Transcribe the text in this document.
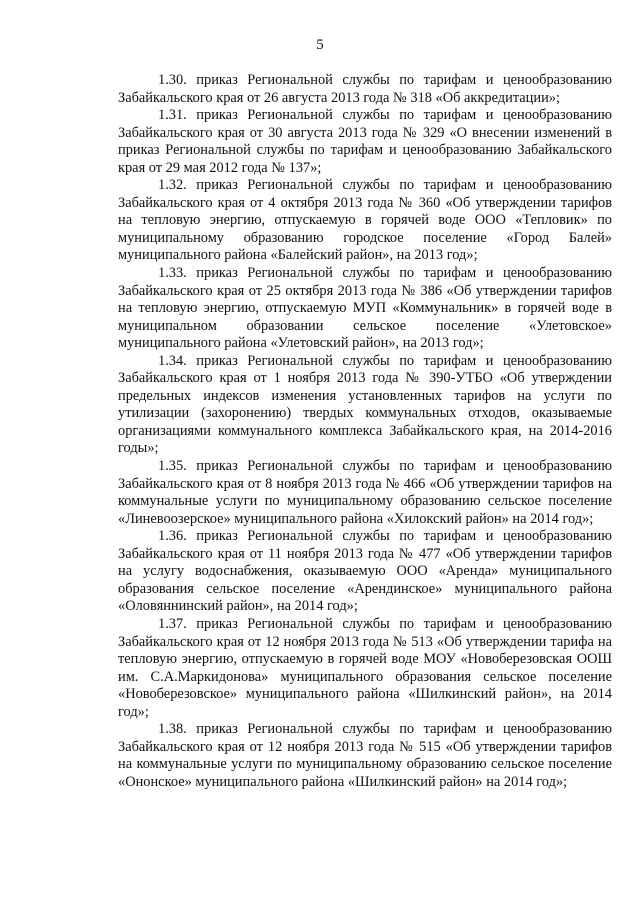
5

1.30. приказ Региональной службы по тарифам и ценообразованию Забайкальского края от 26 августа 2013 года № 318 «Об аккредитации»;

1.31. приказ Региональной службы по тарифам и ценообразованию Забайкальского края от 30 августа 2013 года № 329 «О внесении изменений в приказ Региональной службы по тарифам и ценообразованию Забайкальского края от 29 мая 2012 года № 137»;

1.32. приказ Региональной службы по тарифам и ценообразованию Забайкальского края от 4 октября 2013 года № 360 «Об утверждении тарифов на тепловую энергию, отпускаемую в горячей воде ООО «Тепловик» по муниципальному образованию городское поселение «Город Балей» муниципального района «Балейский район», на 2013 год»;

1.33. приказ Региональной службы по тарифам и ценообразованию Забайкальского края от 25 октября 2013 года № 386 «Об утверждении тарифов на тепловую энергию, отпускаемую МУП «Коммунальник» в горячей воде в муниципальном образовании сельское поселение «Улетовское» муниципального района «Улетовский район», на 2013 год»;

1.34. приказ Региональной службы по тарифам и ценообразованию Забайкальского края от 1 ноября 2013 года № 390-УТБО «Об утверждении предельных индексов изменения установленных тарифов на услуги по утилизации (захоронению) твердых коммунальных отходов, оказываемые организациями коммунального комплекса Забайкальского края, на 2014-2016 годы»;

1.35. приказ Региональной службы по тарифам и ценообразованию Забайкальского края от 8 ноября 2013 года № 466 «Об утверждении тарифов на коммунальные услуги по муниципальному образованию сельское поселение «Линевоозерское» муниципального района «Хилокский район» на 2014 год»;

1.36. приказ Региональной службы по тарифам и ценообразованию Забайкальского края от 11 ноября 2013 года № 477 «Об утверждении тарифов на услугу водоснабжения, оказываемую ООО «Аренда» муниципального образования сельское поселение «Арендинское» муниципального района «Оловяннинский район», на 2014 год»;

1.37. приказ Региональной службы по тарифам и ценообразованию Забайкальского края от 12 ноября 2013 года № 513 «Об утверждении тарифа на тепловую энергию, отпускаемую в горячей воде МОУ «Новоберезовская ООШ им. С.А.Маркидонова» муниципального образования сельское поселение «Новоберезовское» муниципального района «Шилкинский район», на 2014 год»;

1.38. приказ Региональной службы по тарифам и ценообразованию Забайкальского края от 12 ноября 2013 года № 515 «Об утверждении тарифов на коммунальные услуги по муниципальному образованию сельское поселение «Ононское» муниципального района «Шилкинский район» на 2014 год»;
